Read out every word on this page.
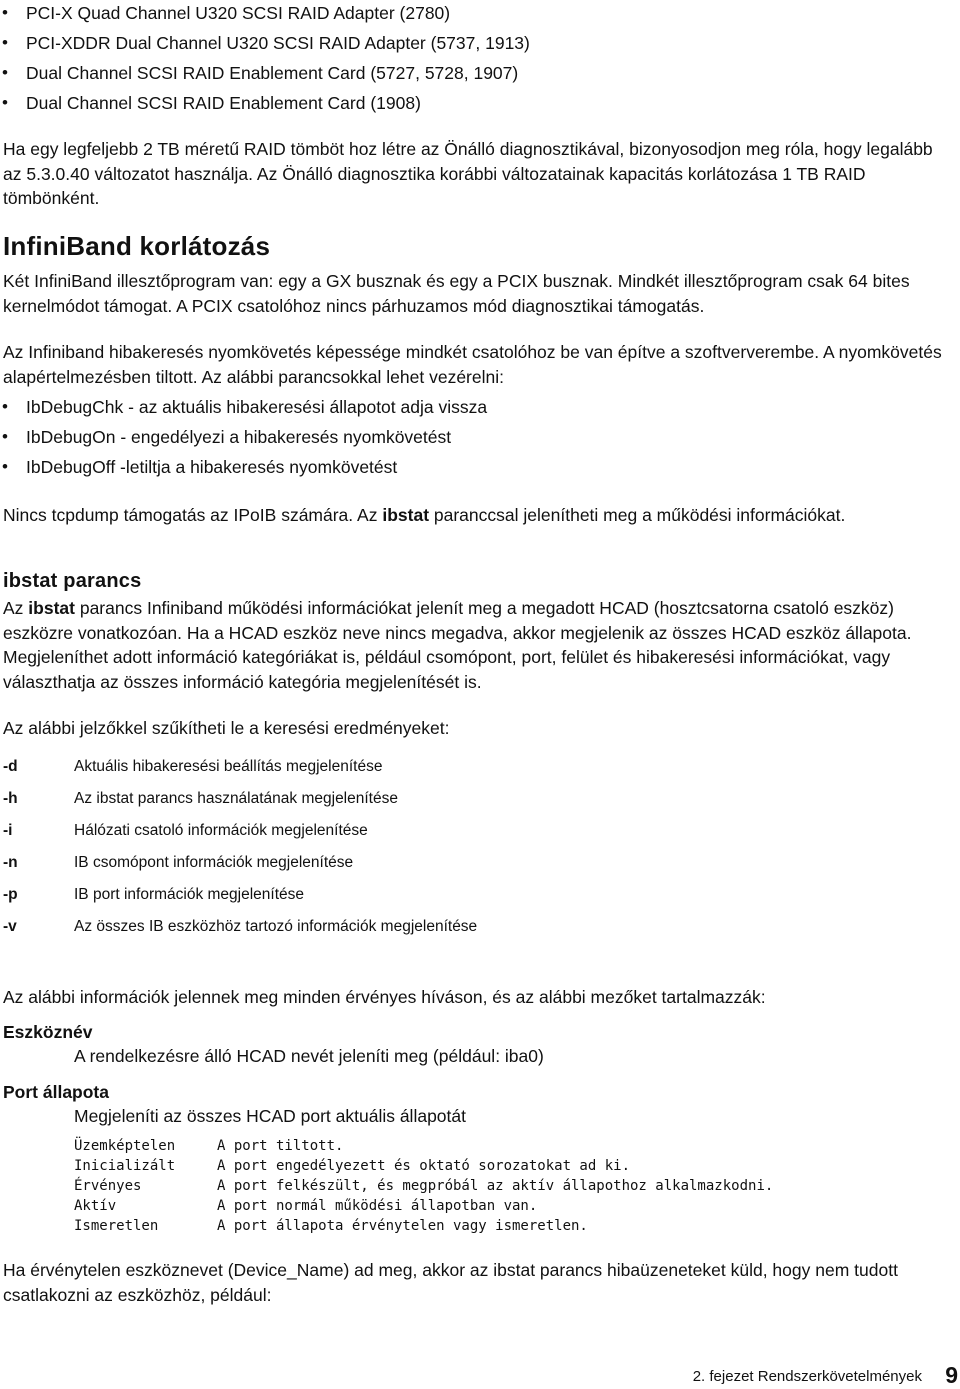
• PCI-X Quad Channel U320 SCSI RAID Adapter (2780)
• PCI-XDDR Dual Channel U320 SCSI RAID Adapter (5737, 1913)
• Dual Channel SCSI RAID Enablement Card (5727, 5728, 1907)
• Dual Channel SCSI RAID Enablement Card (1908)

Ha egy legfeljebb 2 TB méretű RAID tömböt hoz létre az Önálló diagnosztikával, bizonyosodjon meg róla, hogy legalább az 5.3.0.40 változatot használja. Az Önálló diagnosztika korábbi változatainak kapacitás korlátozása 1 TB RAID tömbönként.

InfiniBand korlátozás

Két InfiniBand illesztőprogram van: egy a GX busznak és egy a PCIX busznak. Mindkét illesztőprogram csak 64 bites kernelmódot támogat. A PCIX csatolóhoz nincs párhuzamos mód diagnosztikai támogatás.

Az Infiniband hibakeresés nyomkövetés képessége mindkét csatolóhoz be van építve a szoftververembe. A nyomkövetés alapértelmezésben tiltott. Az alábbi parancsokkal lehet vezérelni:

• IbDebugChk - az aktuális hibakeresési állapotot adja vissza
• IbDebugOn - engedélyezi a hibakeresés nyomkövetést
• IbDebugOff -letiltja a hibakeresés nyomkövetést

Nincs tcpdump támogatás az IPoIB számára. Az ibstat paranccsal jelenítheti meg a működési információkat.

ibstat parancs

Az ibstat parancs Infiniband működési információkat jelenít meg a megadott HCAD (hosztcsatorna csatoló eszköz) eszközre vonatkozóan. Ha a HCAD eszköz neve nincs megadva, akkor megjelenik az összes HCAD eszköz állapota. Megjeleníthet adott információ kategóriákat is, például csomópont, port, felület és hibakeresési információkat, vagy választhatja az összes információ kategória megjelenítését is.

Az alábbi jelzőkkel szűkítheti le a keresési eredményeket:

-d	Aktuális hibakeresési beállítás megjelenítése
-h	Az ibstat parancs használatának megjelenítése
-i	Hálózati csatoló információk megjelenítése
-n	IB csomópont információk megjelenítése
-p	IB port információk megjelenítése
-v	Az összes IB eszközhöz tartozó információk megjelenítése

Az alábbi információk jelennek meg minden érvényes híváson, és az alábbi mezőket tartalmazzák:

Eszköznév

A rendelkezésre álló HCAD nevét jeleníti meg (például: iba0)

Port állapota

Megjeleníti az összes HCAD port aktuális állapotát

Üzemképtelen	A port tiltott.
Inicializált	A port engedélyezett és oktató sorozatokat ad ki.
Érvényes	A port felkészült, és megpróbál az aktív állapothoz alkalmazkodni.
Aktív	A port normál működési állapotban van.
Ismeretlen	A port állapota érvénytelen vagy ismeretlen.

Ha érvénytelen eszköznevet (Device_Name) ad meg, akkor az ibstat parancs hibaüzeneteket küld, hogy nem tudott csatlakozni az eszközhöz, például:

2. fejezet Rendszerkövetelmények 9
